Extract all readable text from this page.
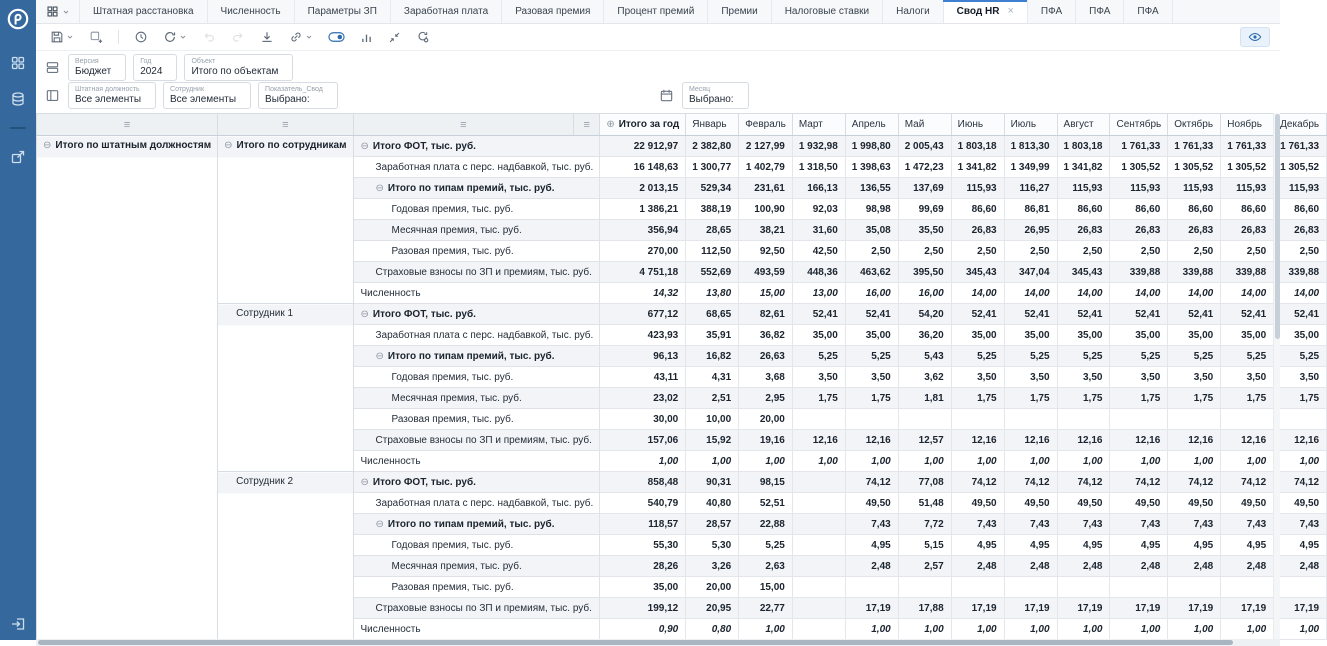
Штатная расстановка	Численность	Параметры ЗП	Заработная плата	Разовая премия	Процент премий	Премии	Налоговые ставки	Налоги	Свод HR ×	ПФА	ПФА	ПФА
Версия
Бюджет
Год
2024
Объект
Итого по объектам
Штатная должность
Все элементы
Сотрудник
Все элементы
Показатель_Свод
Выбрано:
Месяц
Выбрано:
≡	≡	≡	≡	⊕ Итого за год	Январь	Февраль	Март	Апрель	Май	Июнь	Июль	Август	Сентябрь	Октябрь	Ноябрь	Декабрь
⊖ Итого по штатным должностям	⊖ Итого по сотрудникам	⊖ Итого ФОТ, тыс. руб.		22 912,97	2 382,80	2 127,99	1 932,98	1 998,80	2 005,43	1 803,18	1 813,30	1 803,18	1 761,33	1 761,33	1 761,33	1 761,33
		Заработная плата с перс. надбавкой, тыс. руб.		16 148,63	1 300,77	1 402,79	1 318,50	1 398,63	1 472,23	1 341,82	1 349,99	1 341,82	1 305,52	1 305,52	1 305,52	1 305,52
		⊖ Итого по типам премий, тыс. руб.		2 013,15	529,34	231,61	166,13	136,55	137,69	115,93	116,27	115,93	115,93	115,93	115,93	115,93
		Годовая премия, тыс. руб.		1 386,21	388,19	100,90	92,03	98,98	99,69	86,60	86,81	86,60	86,60	86,60	86,60	86,60
		Месячная премия, тыс. руб.		356,94	28,65	38,21	31,60	35,08	35,50	26,83	26,95	26,83	26,83	26,83	26,83	26,83
		Разовая премия, тыс. руб.		270,00	112,50	92,50	42,50	2,50	2,50	2,50	2,50	2,50	2,50	2,50	2,50	2,50
		Страховые взносы по ЗП и премиям, тыс. руб.		4 751,18	552,69	493,59	448,36	463,62	395,50	345,43	347,04	345,43	339,88	339,88	339,88	339,88
		Численность		14,32	13,80	15,00	13,00	16,00	16,00	14,00	14,00	14,00	14,00	14,00	14,00	14,00
	Сотрудник 1	⊖ Итого ФОТ, тыс. руб.		677,12	68,65	82,61	52,41	52,41	54,20	52,41	52,41	52,41	52,41	52,41	52,41	52,41
		Заработная плата с перс. надбавкой, тыс. руб.		423,93	35,91	36,82	35,00	35,00	36,20	35,00	35,00	35,00	35,00	35,00	35,00	35,00
		⊖ Итого по типам премий, тыс. руб.		96,13	16,82	26,63	5,25	5,25	5,43	5,25	5,25	5,25	5,25	5,25	5,25	5,25
		Годовая премия, тыс. руб.		43,11	4,31	3,68	3,50	3,50	3,62	3,50	3,50	3,50	3,50	3,50	3,50	3,50
		Месячная премия, тыс. руб.		23,02	2,51	2,95	1,75	1,75	1,81	1,75	1,75	1,75	1,75	1,75	1,75	1,75
		Разовая премия, тыс. руб.		30,00	10,00	20,00										
		Страховые взносы по ЗП и премиям, тыс. руб.		157,06	15,92	19,16	12,16	12,16	12,57	12,16	12,16	12,16	12,16	12,16	12,16	12,16
		Численность		1,00	1,00	1,00	1,00	1,00	1,00	1,00	1,00	1,00	1,00	1,00	1,00	1,00
	Сотрудник 2	⊖ Итого ФОТ, тыс. руб.		858,48	90,31	98,15		74,12	77,08	74,12	74,12	74,12	74,12	74,12	74,12	74,12
		Заработная плата с перс. надбавкой, тыс. руб.		540,79	40,80	52,51		49,50	51,48	49,50	49,50	49,50	49,50	49,50	49,50	49,50
		⊖ Итого по типам премий, тыс. руб.		118,57	28,57	22,88		7,43	7,72	7,43	7,43	7,43	7,43	7,43	7,43	7,43
		Годовая премия, тыс. руб.		55,30	5,30	5,25		4,95	5,15	4,95	4,95	4,95	4,95	4,95	4,95	4,95
		Месячная премия, тыс. руб.		28,26	3,26	2,63		2,48	2,57	2,48	2,48	2,48	2,48	2,48	2,48	2,48
		Разовая премия, тыс. руб.		35,00	20,00	15,00										
		Страховые взносы по ЗП и премиям, тыс. руб.		199,12	20,95	22,77		17,19	17,88	17,19	17,19	17,19	17,19	17,19	17,19	17,19
		Численность		0,90	0,80	1,00		1,00	1,00	1,00	1,00	1,00	1,00	1,00	1,00	1,00
